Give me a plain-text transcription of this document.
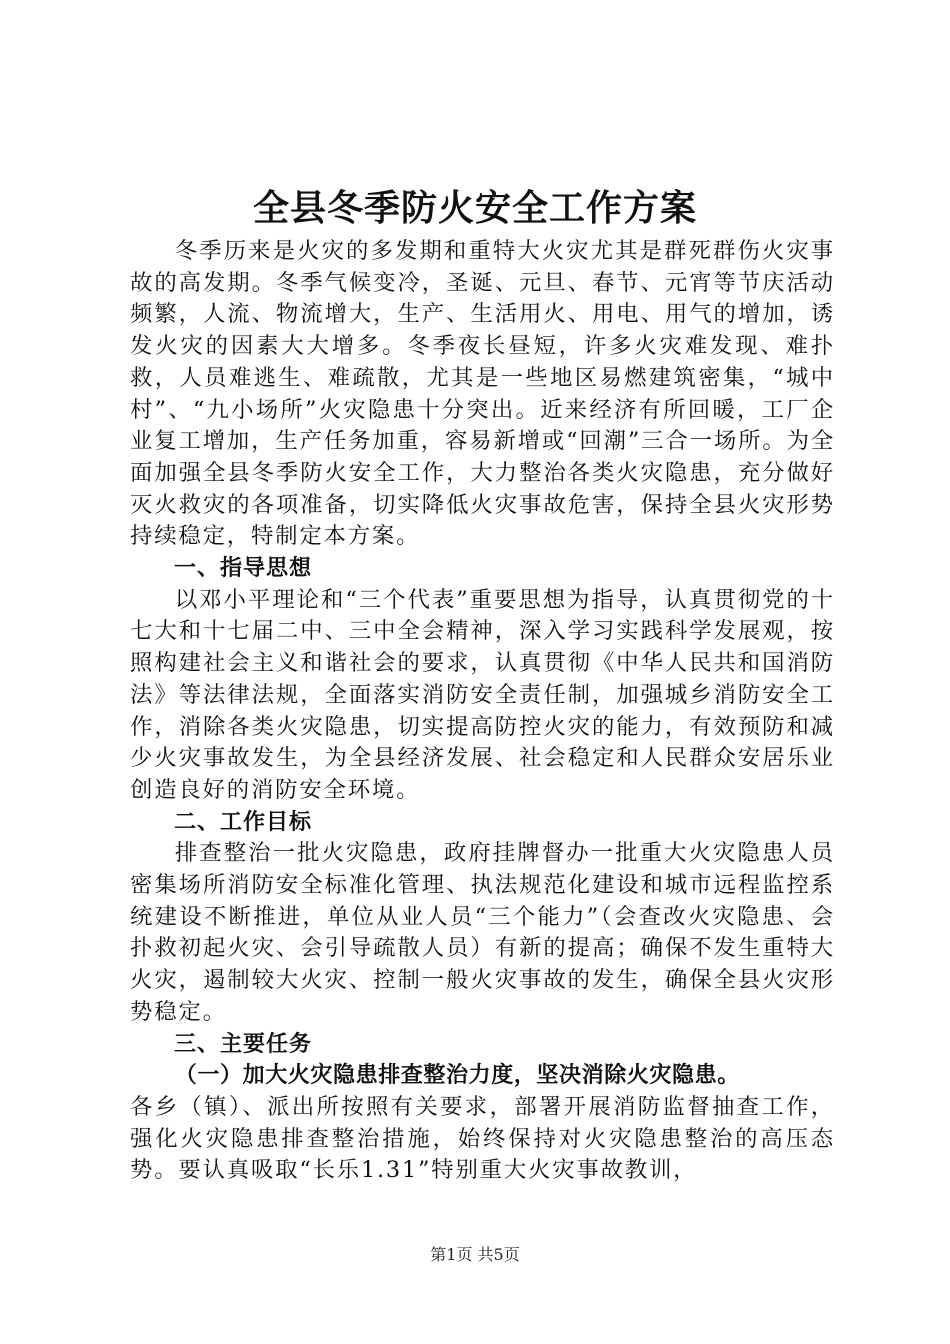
全县冬季防火安全工作方案

冬季历来是火灾的多发期和重特大火灾尤其是群死群伤火灾事故的高发期。冬季气候变冷，圣诞、元旦、春节、元宵等节庆活动频繁，人流、物流增大，生产、生活用火、用电、用气的增加，诱发火灾的因素大大增多。冬季夜长昼短，许多火灾难发现、难扑救，人员难逃生、难疏散，尤其是一些地区易燃建筑密集，“城中村”、“九小场所”火灾隐患十分突出。近来经济有所回暖，工厂企业复工增加，生产任务加重，容易新增或“回潮”三合一场所。为全面加强全县冬季防火安全工作，大力整治各类火灾隐患，充分做好灭火救灾的各项准备，切实降低火灾事故危害，保持全县火灾形势持续稳定，特制定本方案。

一、指导思想

以邓小平理论和“三个代表”重要思想为指导，认真贯彻党的十七大和十七届二中、三中全会精神，深入学习实践科学发展观，按照构建社会主义和谐社会的要求，认真贯彻《中华人民共和国消防法》等法律法规，全面落实消防安全责任制，加强城乡消防安全工作，消除各类火灾隐患，切实提高防控火灾的能力，有效预防和减少火灾事故发生，为全县经济发展、社会稳定和人民群众安居乐业创造良好的消防安全环境。

二、工作目标

排查整治一批火灾隐患，政府挂牌督办一批重大火灾隐患人员密集场所消防安全标准化管理、执法规范化建设和城市远程监控系统建设不断推进，单位从业人员“三个能力”（会查改火灾隐患、会扑救初起火灾、会引导疏散人员）有新的提高；确保不发生重特大火灾，遏制较大火灾、控制一般火灾事故的发生，确保全县火灾形势稳定。

三、主要任务

（一）加大火灾隐患排查整治力度，坚决消除火灾隐患。

各乡（镇）、派出所按照有关要求，部署开展消防监督抽查工作，强化火灾隐患排查整治措施，始终保持对火灾隐患整治的高压态势。要认真吸取“长乐1.31”特别重大火灾事故教训，

第1页 共5页
